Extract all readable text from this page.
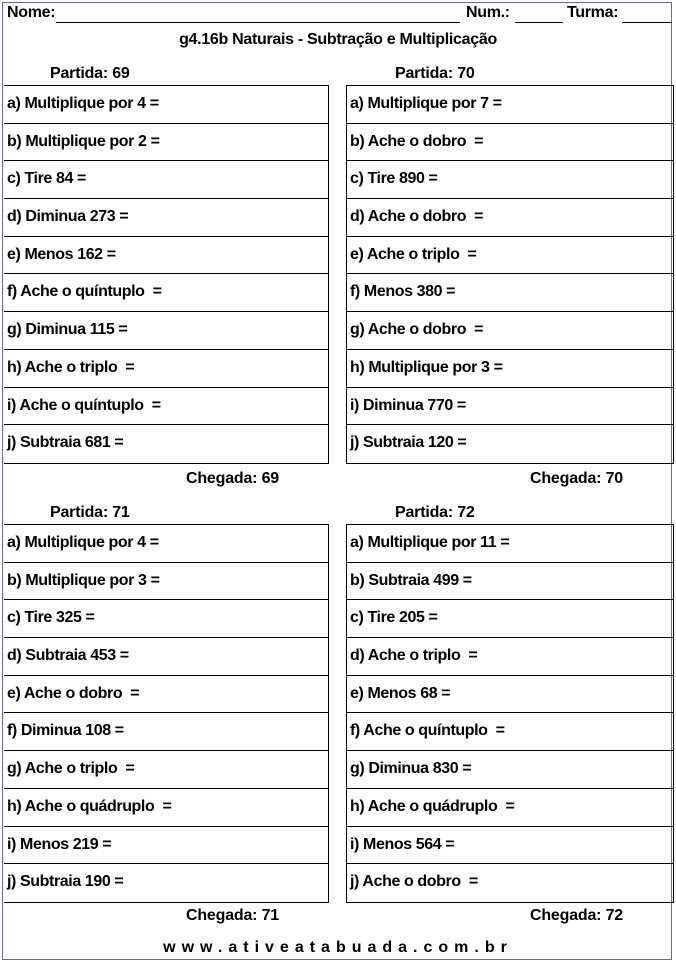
Nome:	Num.:	Turma:
g4.16b Naturais - Subtração e Multiplicação
Partida: 69
a) Multiplique por 4 =
b) Multiplique por 2 =
c) Tire 84 =
d) Diminua 273 =
e) Menos 162 =
f) Ache o quíntuplo  =
g) Diminua 115 =
h) Ache o triplo  =
i) Ache o quíntuplo  =
j) Subtraia 681 =
Chegada: 69
Partida: 70
a) Multiplique por 7 =
b) Ache o dobro  =
c) Tire 890 =
d) Ache o dobro  =
e) Ache o triplo  =
f) Menos 380 =
g) Ache o dobro  =
h) Multiplique por 3 =
i) Diminua 770 =
j) Subtraia 120 =
Chegada: 70
Partida: 71
a) Multiplique por 4 =
b) Multiplique por 3 =
c) Tire 325 =
d) Subtraia 453 =
e) Ache o dobro  =
f) Diminua 108 =
g) Ache o triplo  =
h) Ache o quádruplo  =
i) Menos 219 =
j) Subtraia 190 =
Chegada: 71
Partida: 72
a) Multiplique por 11 =
b) Subtraia 499 =
c) Tire 205 =
d) Ache o triplo  =
e) Menos 68 =
f) Ache o quíntuplo  =
g) Diminua 830 =
h) Ache o quádruplo  =
i) Menos 564 =
j) Ache o dobro  =
Chegada: 72
www.ativeatabuada.com.br
